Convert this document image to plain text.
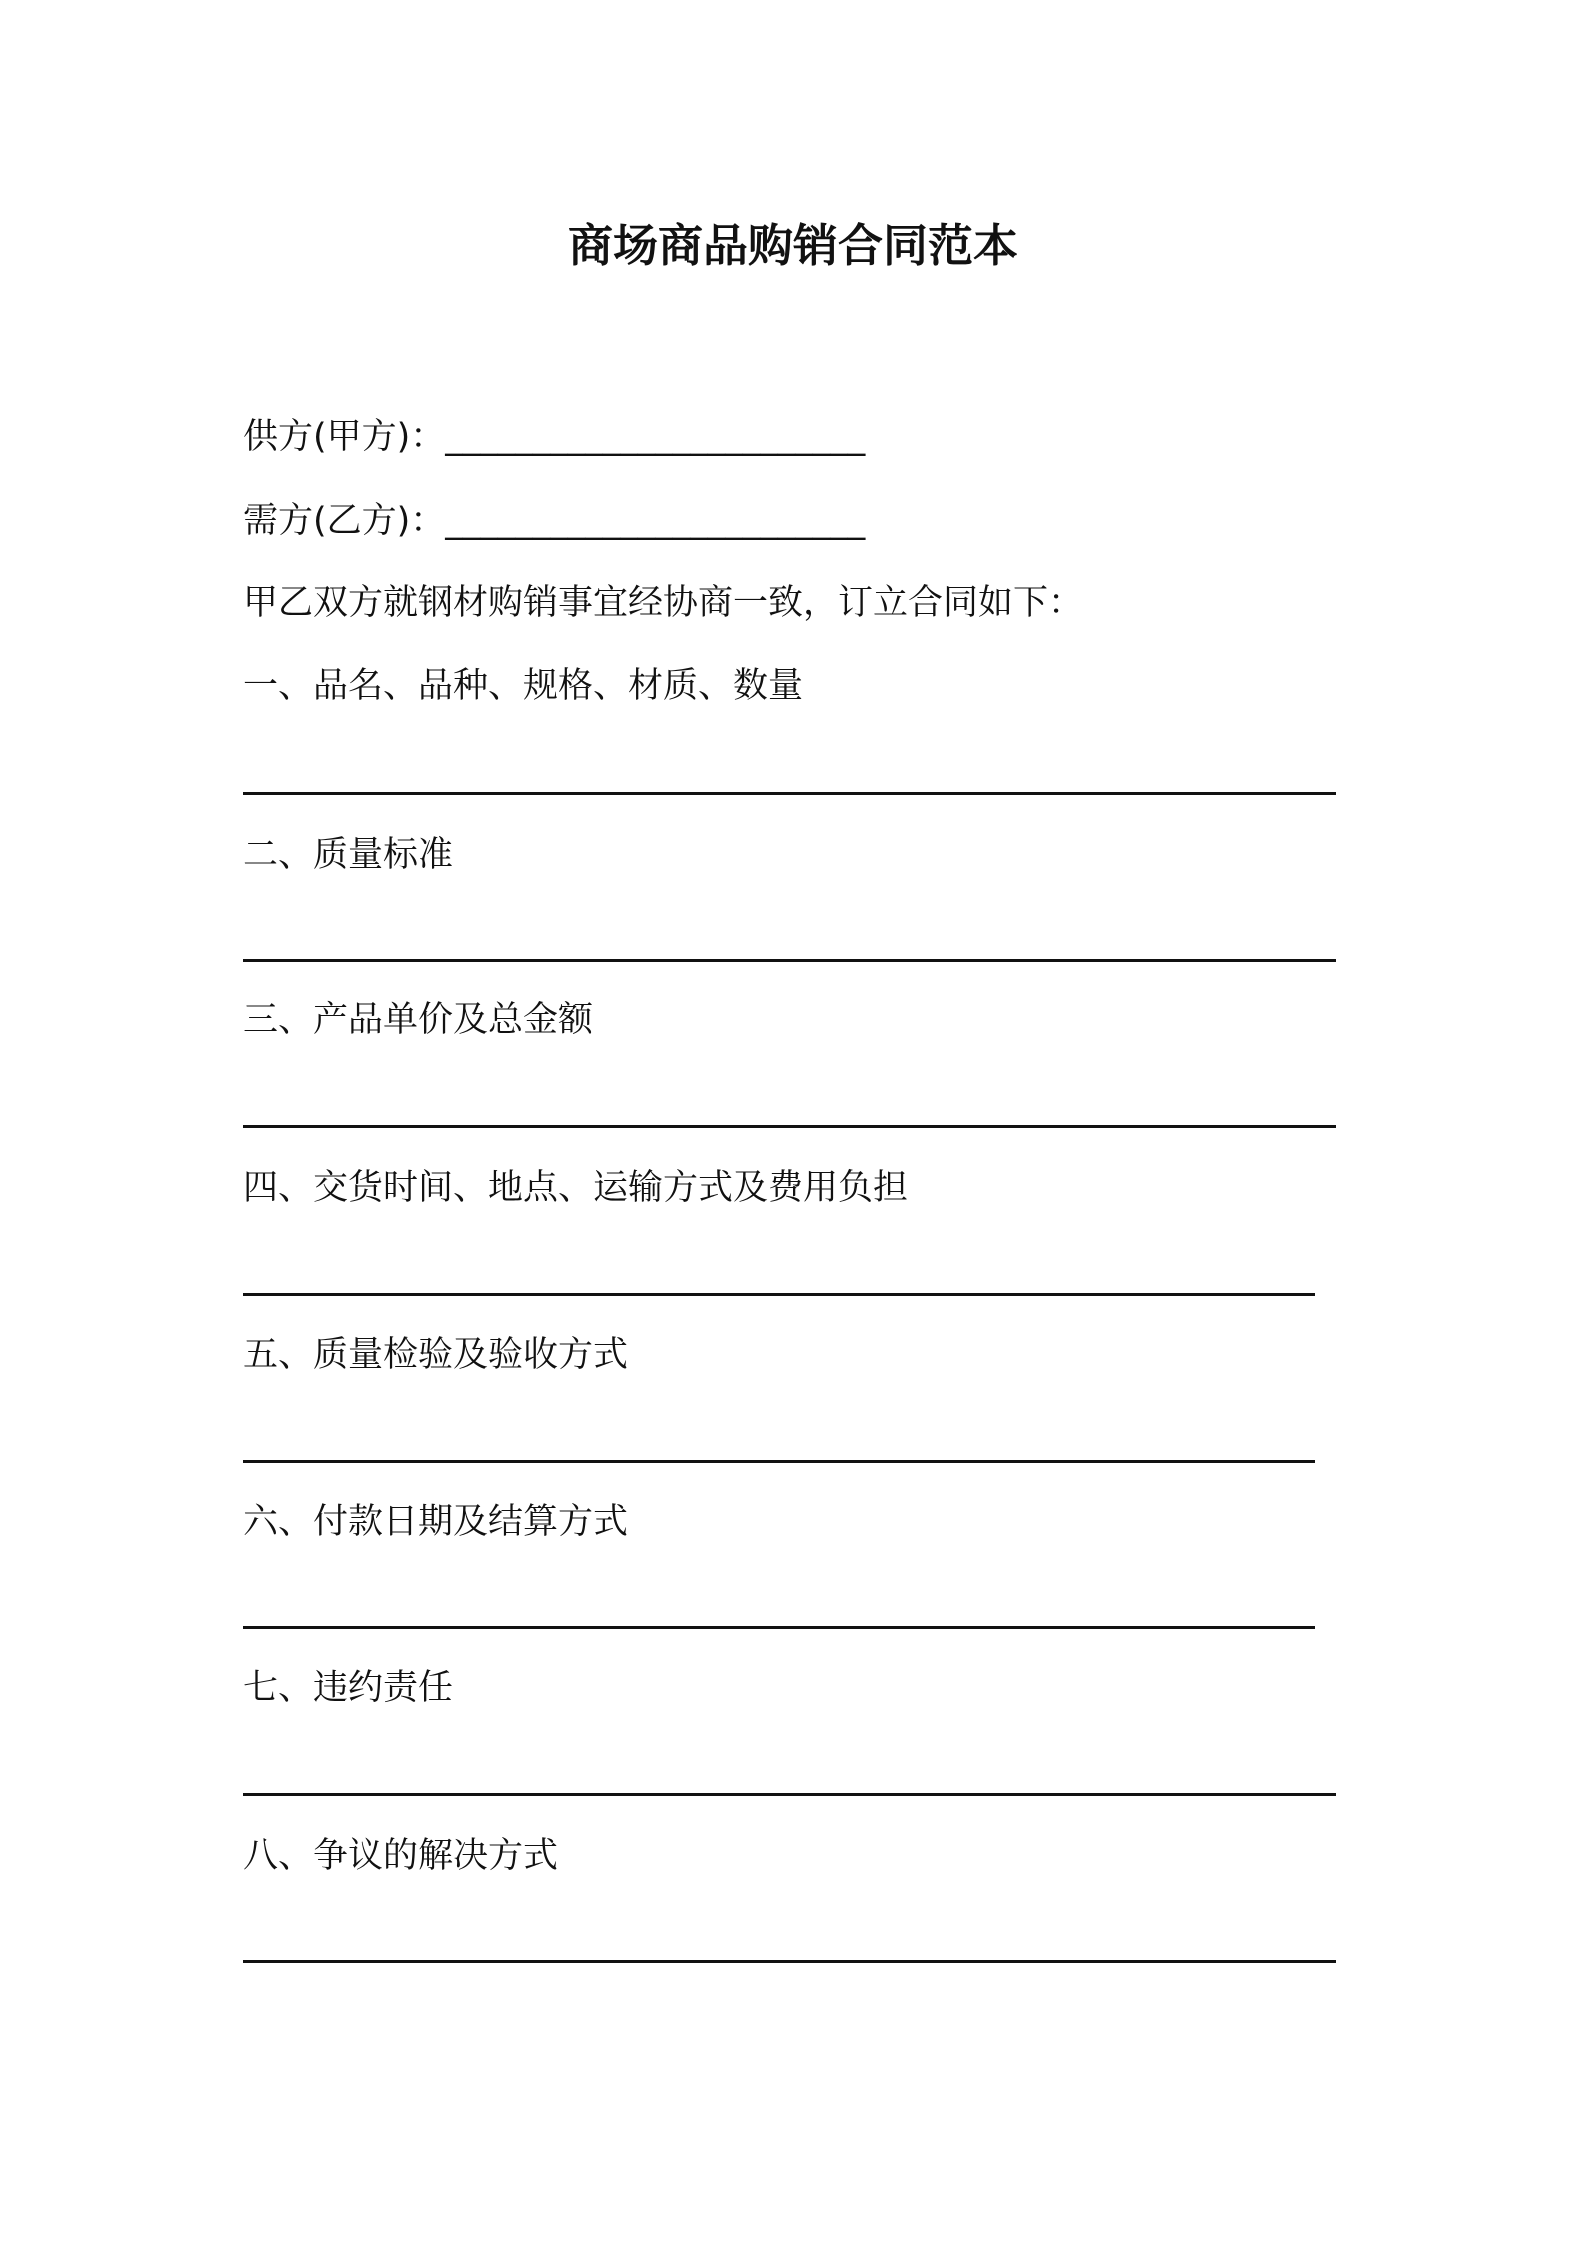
商场商品购销合同范本

供方(甲方)：________________________

需方(乙方)：________________________

甲乙双方就钢材购销事宜经协商一致，订立合同如下：

一、品名、品种、规格、材质、数量

二、质量标准

三、产品单价及总金额

四、交货时间、地点、运输方式及费用负担

五、质量检验及验收方式

六、付款日期及结算方式

七、违约责任

八、争议的解决方式
